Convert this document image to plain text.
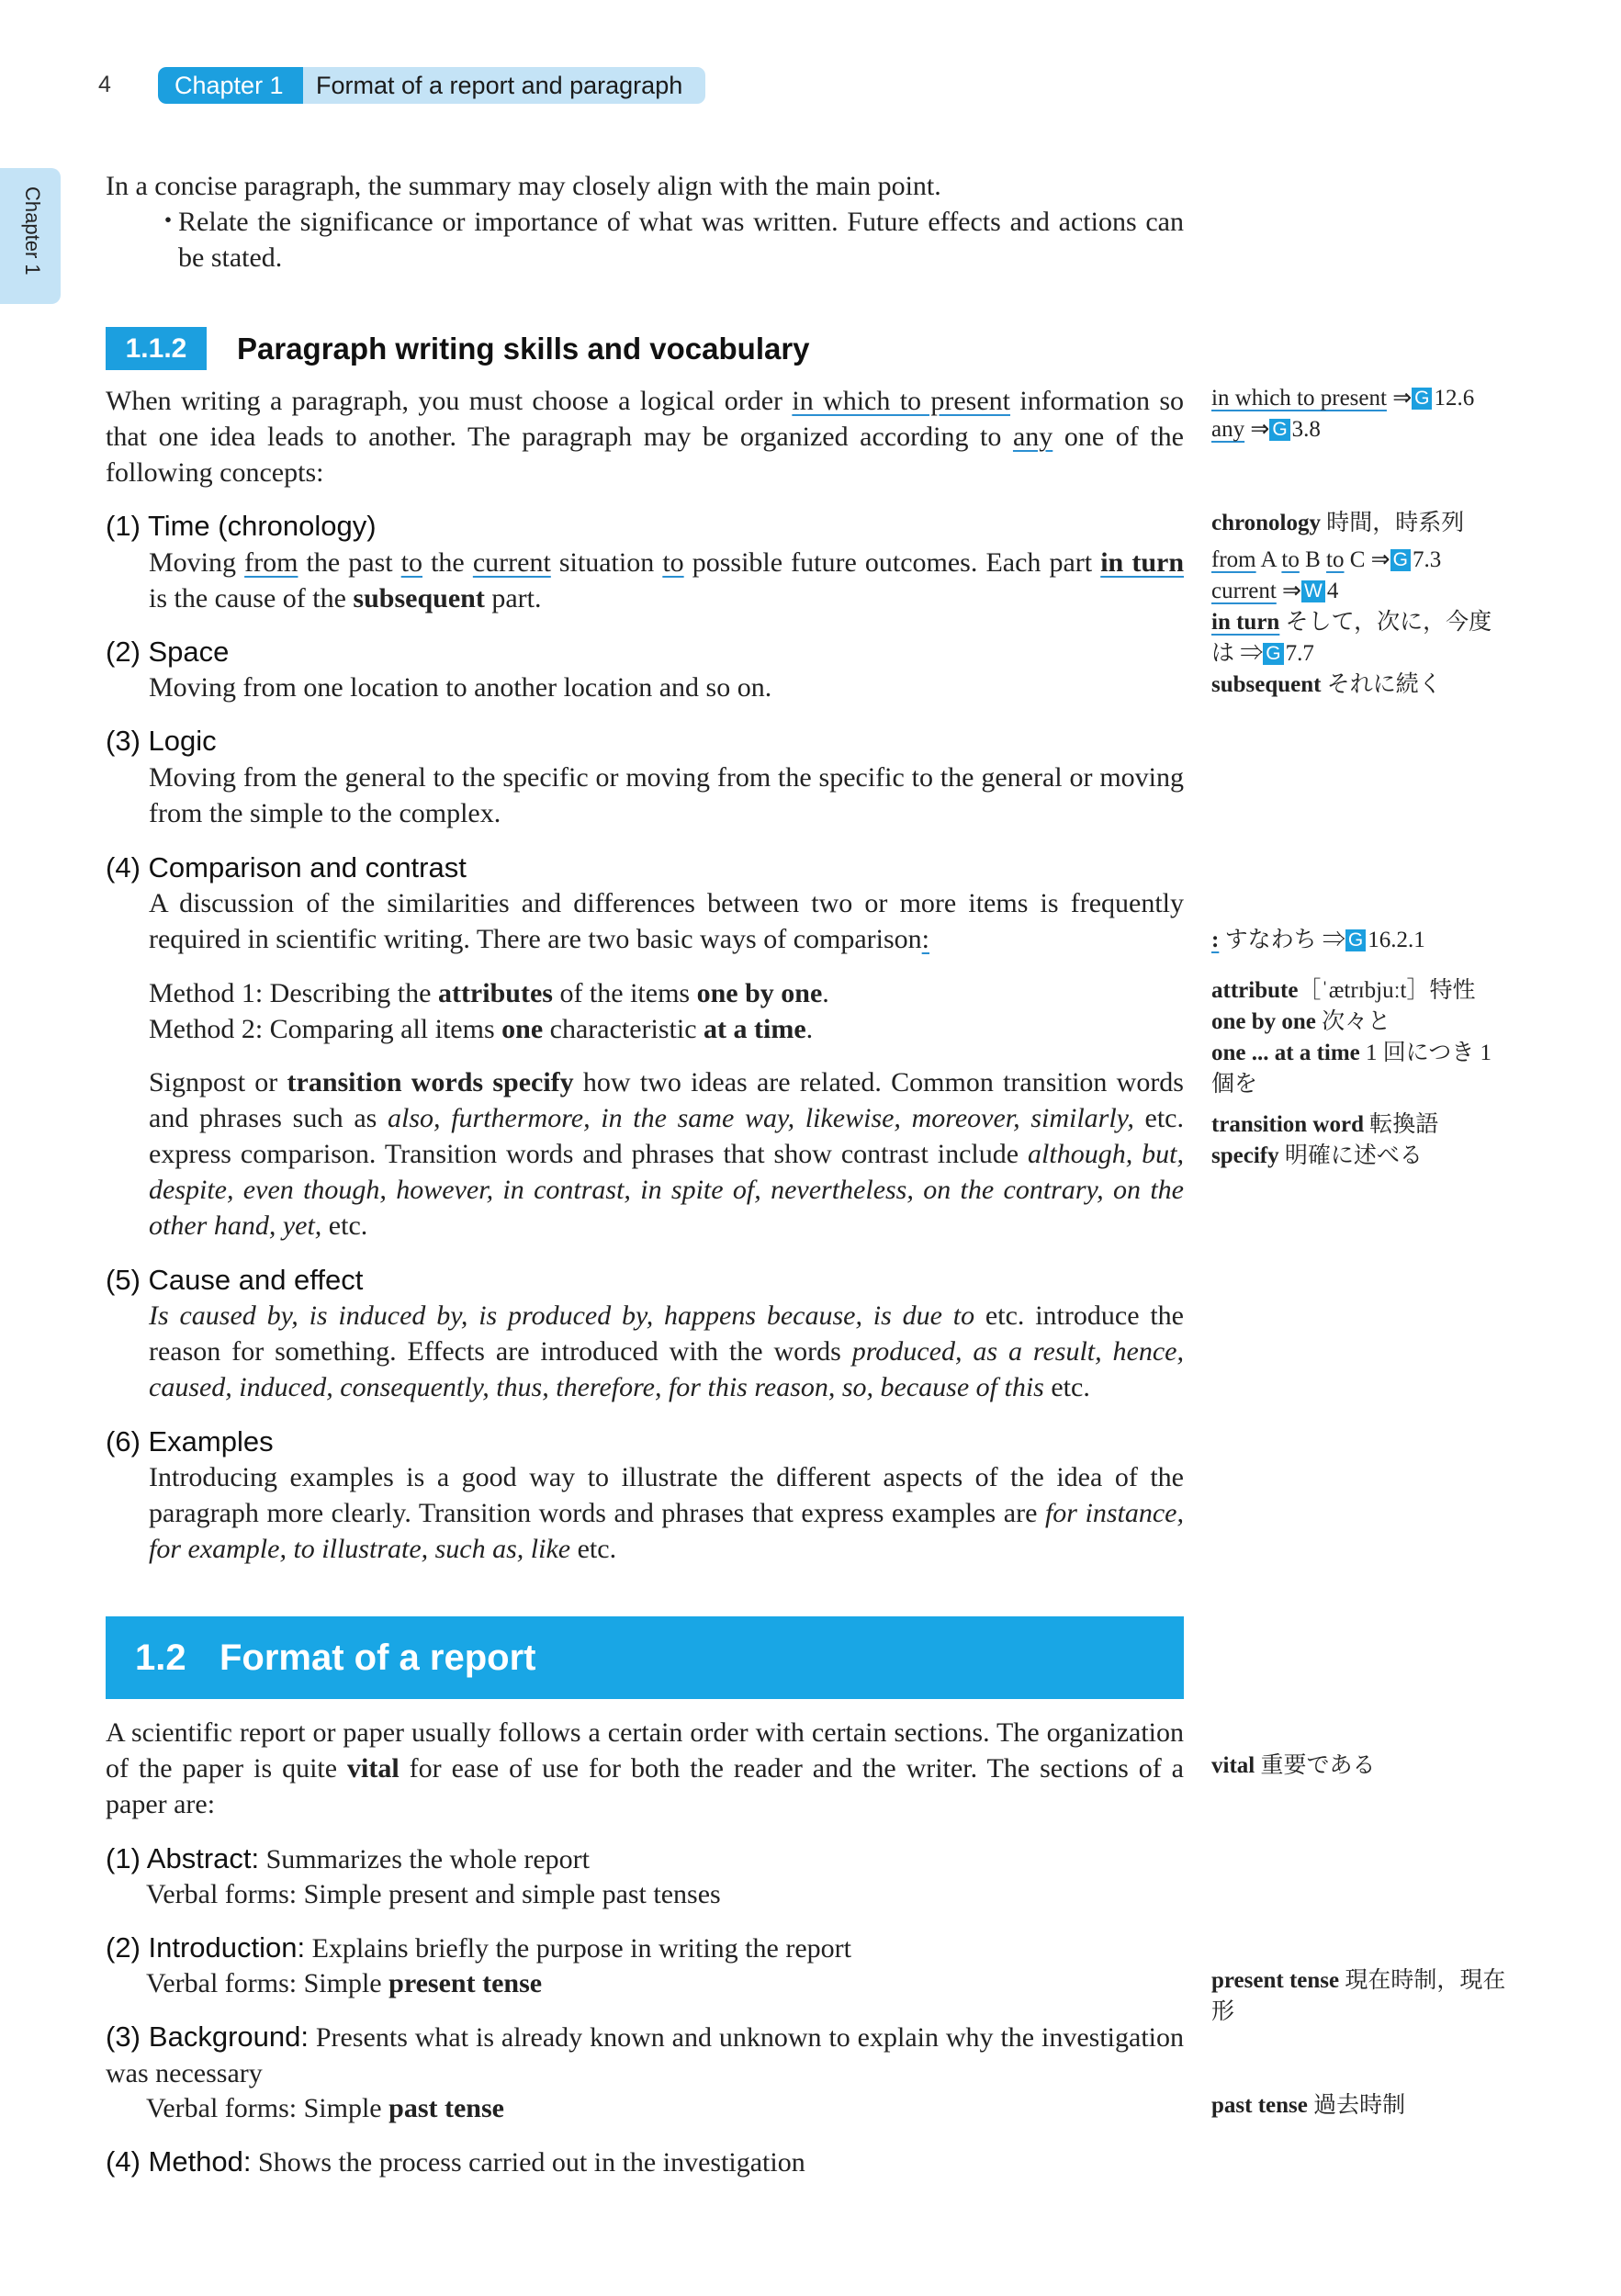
4	Chapter 1	Format of a report and paragraph
Chapter 1
In a concise paragraph, the summary may closely align with the main point.
・
Relate the significance or importance of what was written. Future effects and actions can be stated.
1.1.2	Paragraph writing skills and vocabulary
When writing a paragraph, you must choose a logical order in which to present information so that one idea leads to another. The paragraph may be organized according to any one of the following concepts:
(1) Time (chronology)
Moving from the past to the current situation to possible future outcomes. Each part in turn is the cause of the subsequent part.
(2) Space
Moving from one location to another location and so on.
(3) Logic
Moving from the general to the specific or moving from the specific to the general or moving from the simple to the complex.
(4) Comparison and contrast
A discussion of the similarities and differences between two or more items is frequently required in scientific writing. There are two basic ways of comparison:
Method 1: Describing the attributes of the items one by one.
Method 2: Comparing all items one characteristic at a time.
Signpost or transition words specify how two ideas are related. Common transition words and phrases such as also, furthermore, in the same way, likewise, moreover, similarly, etc. express comparison. Transition words and phrases that show contrast include although, but, despite, even though, however, in contrast, in spite of, nevertheless, on the contrary, on the other hand, yet, etc.
(5) Cause and effect
Is caused by, is induced by, is produced by, happens because, is due to etc. introduce the reason for something. Effects are introduced with the words produced, as a result, hence, caused, induced, consequently, thus, therefore, for this reason, so, because of this etc.
(6) Examples
Introducing examples is a good way to illustrate the different aspects of the idea of the paragraph more clearly. Transition words and phrases that express examples are for instance, for example, to illustrate, such as, like etc.
1.2 Format of a report
A scientific report or paper usually follows a certain order with certain sections. The organization of the paper is quite vital for ease of use for both the reader and the writer. The sections of a paper are:
(1) Abstract: Summarizes the whole report
Verbal forms: Simple present and simple past tenses
(2) Introduction: Explains briefly the purpose in writing the report
Verbal forms: Simple present tense
(3) Background: Presents what is already known and unknown to explain why the investigation was necessary
Verbal forms: Simple past tense
(4) Method: Shows the process carried out in the investigation
in which to present ⇒ G 12.6
any ⇒ G 3.8
chronology 時間，時系列
from A to B to C ⇒ G 7.3
current ⇒ W 4
in turn そして，次に，今度は ⇒ G 7.7
subsequent それに続く
: すなわち ⇒ G 16.2.1
attribute［ˈætrɪbjuːt］特性
one by one 次々と
one ... at a time 1 回につき 1 個を
transition word 転換語
specify 明確に述べる
vital 重要である
present tense 現在時制，現在形
past tense 過去時制
